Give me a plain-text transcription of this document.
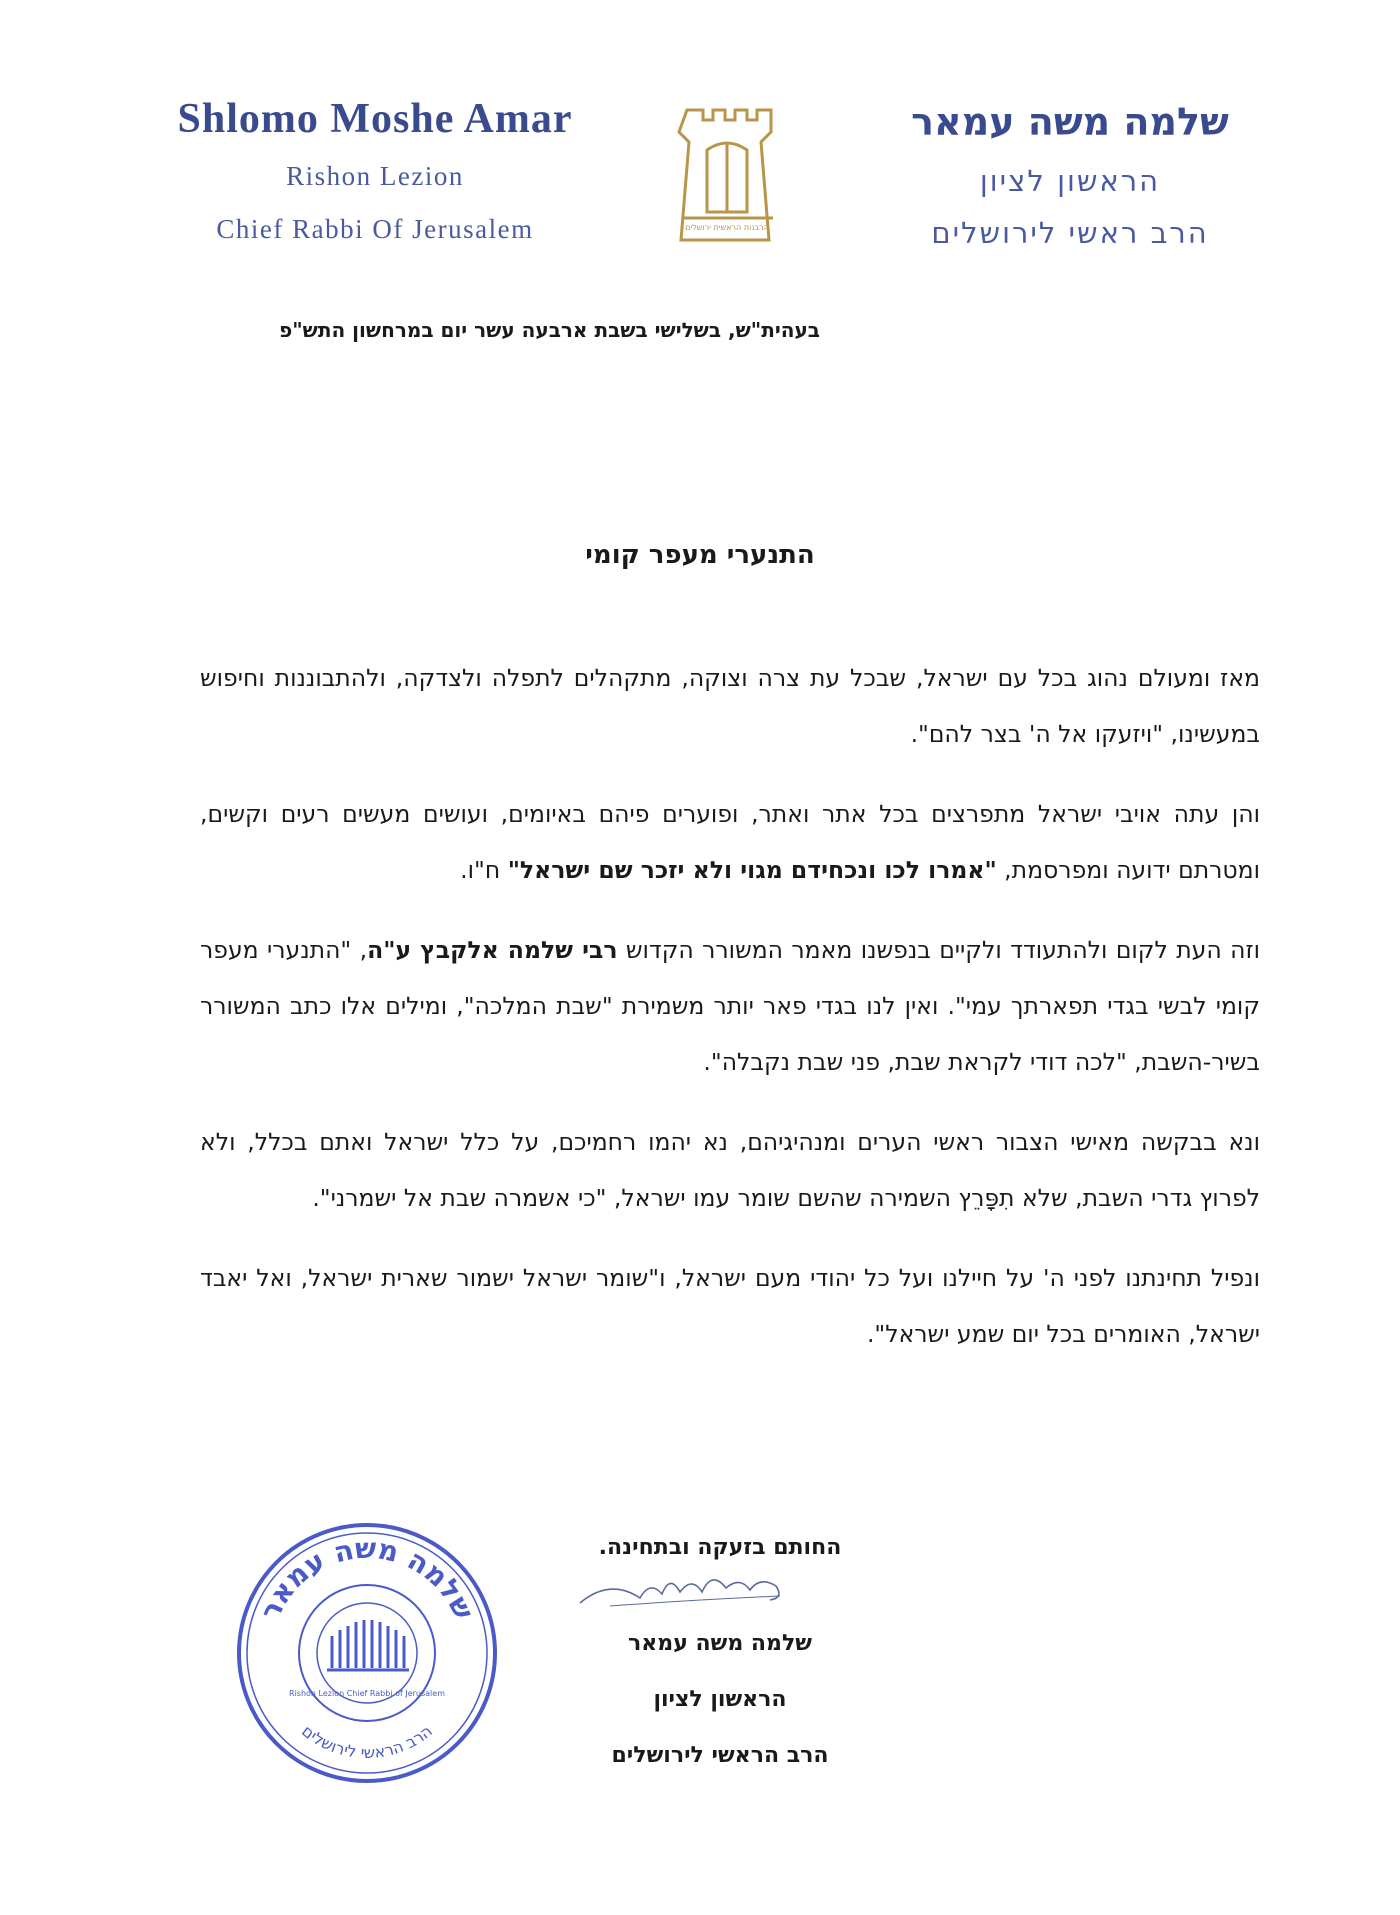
Shlomo Moshe Amar
Rishon Lezion
Chief Rabbi Of Jerusalem	הרבנות הראשית ירושלים
שלמה משה עמאר
הראשון לציון
הרב ראשי לירושלים
בעהית"ש, בשלישי בשבת ארבעה עשר יום במרחשון התש"פ
התנערי מעפר קומי

מאז ומעולם נהוג בכל עם ישראל, שבכל עת צרה וצוקה, מתקהלים לתפלה ולצדקה, ולהתבוננות וחיפוש במעשינו, "ויזעקו אל ה' בצר להם".

והן עתה אויבי ישראל מתפרצים בכל אתר ואתר, ופוערים פיהם באיומים, ועושים מעשים רעים וקשים, ומטרתם ידועה ומפרסמת, "אמרו לכו ונכחידם מגוי ולא יזכר שם ישראל" ח"ו.

וזה העת לקום ולהתעודד ולקיים בנפשנו מאמר המשורר הקדוש רבי שלמה אלקבץ ע"ה, "התנערי מעפר קומי לבשי בגדי תפארתך עמי". ואין לנו בגדי פאר יותר משמירת "שבת המלכה", ומילים אלו כתב המשורר בשיר-השבת, "לכה דודי לקראת שבת, פני שבת נקבלה".

ונא בבקשה מאישי הצבור ראשי הערים ומנהיגיהם, נא יהמו רחמיכם, על כלל ישראל ואתם בכלל, ולא לפרוץ גדרי השבת, שלא תִפָּרֵץ השמירה שהשם שומר עמו ישראל, "כי אשמרה שבת אל ישמרני".

ונפיל תחינתנו לפני ה' על חיילנו ועל כל יהודי מעם ישראל, ו"שומר ישראל ישמור שארית ישראל, ואל יאבד ישראל, האומרים בכל יום שמע ישראל".

שלמה משה עמאר
הרב הראשי לירושלים
Rishon Lezion Chief Rabbi of Jerusalem

החותם בזעקה ובתחינה.

שלמה משה עמאר

הראשון לציון

הרב הראשי לירושלים
